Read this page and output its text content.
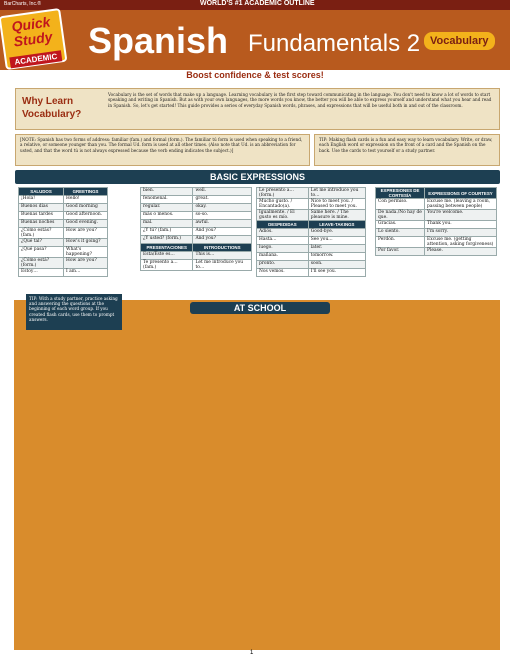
BarCharts, Inc.®	WORLD'S #1 ACADEMIC OUTLINE
Quick Study
ACADEMIC Spanish Fundamentals 2 Vocabulary
Boost confidence & test scores!
Why Learn Vocabulary?
Vocabulary is the set of words that make up a language. Learning vocabulary is the first step toward communicating in the language. You don't need to know a lot of words to start speaking and writing in Spanish. But as with your own languages, the more words you know, the better you will be able to express yourself and understand what you hear and read in Spanish. So, let's get started! This guide provides a series of everyday Spanish words, phrases, and expressions that will be useful both in and out of the classroom.
[NOTE: Spanish has two forms of address: familiar (fam.) and formal (form.). The familiar tú form is used when speaking to a friend, a relative, or someone younger than you. The formal Ud. form is used at all other times. (Also note that Ud. is an abbreviation for usted, and that the word tú is not always expressed because the verb ending indicates the subject.)]
TIP: Making flash cards is a fun and easy way to learn vocabulary. Write, or draw, each English word or expression on the front of a card and the Spanish on the back. Use the cards to test yourself or a study partner.
BASIC EXPRESSIONS
SALUDOS	GREETINGS
¡Hola!	Hello!
Buenos días	Good morning
Buenas tardes	Good afternoon.
Buenas noches	Good evening.
¿Cómo estás? (fam.)	How are you?
¿Qué tal?	How's it going?
¿Qué pasa?	What's happening?
¿Cómo está? (form.)	How are you?
Estoy…	I am…
bien.	well.
fenomenal.	great.
regular.	okay.
más o menos.	so-so.
mal.	awful.
¿Y tú? (fam.)	And you?
¿Y usted? (form.)	And you?
PRESENTACIONES	INTRODUCTIONS
Esta/Éste es…	This is…
Te presento a… (fam.)	Let me introduce you to…
Le presento a… (form.)	Let me introduce you to…
Mucho gusto. / Encantado(a).	Nice to meet you. / Pleased to meet you.
Igualmente. / El gusto es mío.	Same here. / The pleasure is mine.
DESPEDIDAS	LEAVE-TAKINGS
Adiós.	Good-bye.
Hasta…	See you…
luego.	later.
mañana.	tomorrow.
pronto.	soon.
Nos vemos.	I'll see you.
EXPRESIONES DE CORTESÍA	EXPRESSIONS OF COURTESY
Con permiso.	Excuse me. (leaving a room, passing between people)
De nada./No hay de que.	You're welcome.
Gracias.	Thank you.
Lo siento.	I'm sorry.
Perdón.	Excuse me. (getting attention, asking forgiveness)
Por favor.	Please.

TIP: With a study partner, practice asking and answering the questions at the beginning of each word group. If you created flash cards, use them to prompt answers.
AT SCHOOL
1
